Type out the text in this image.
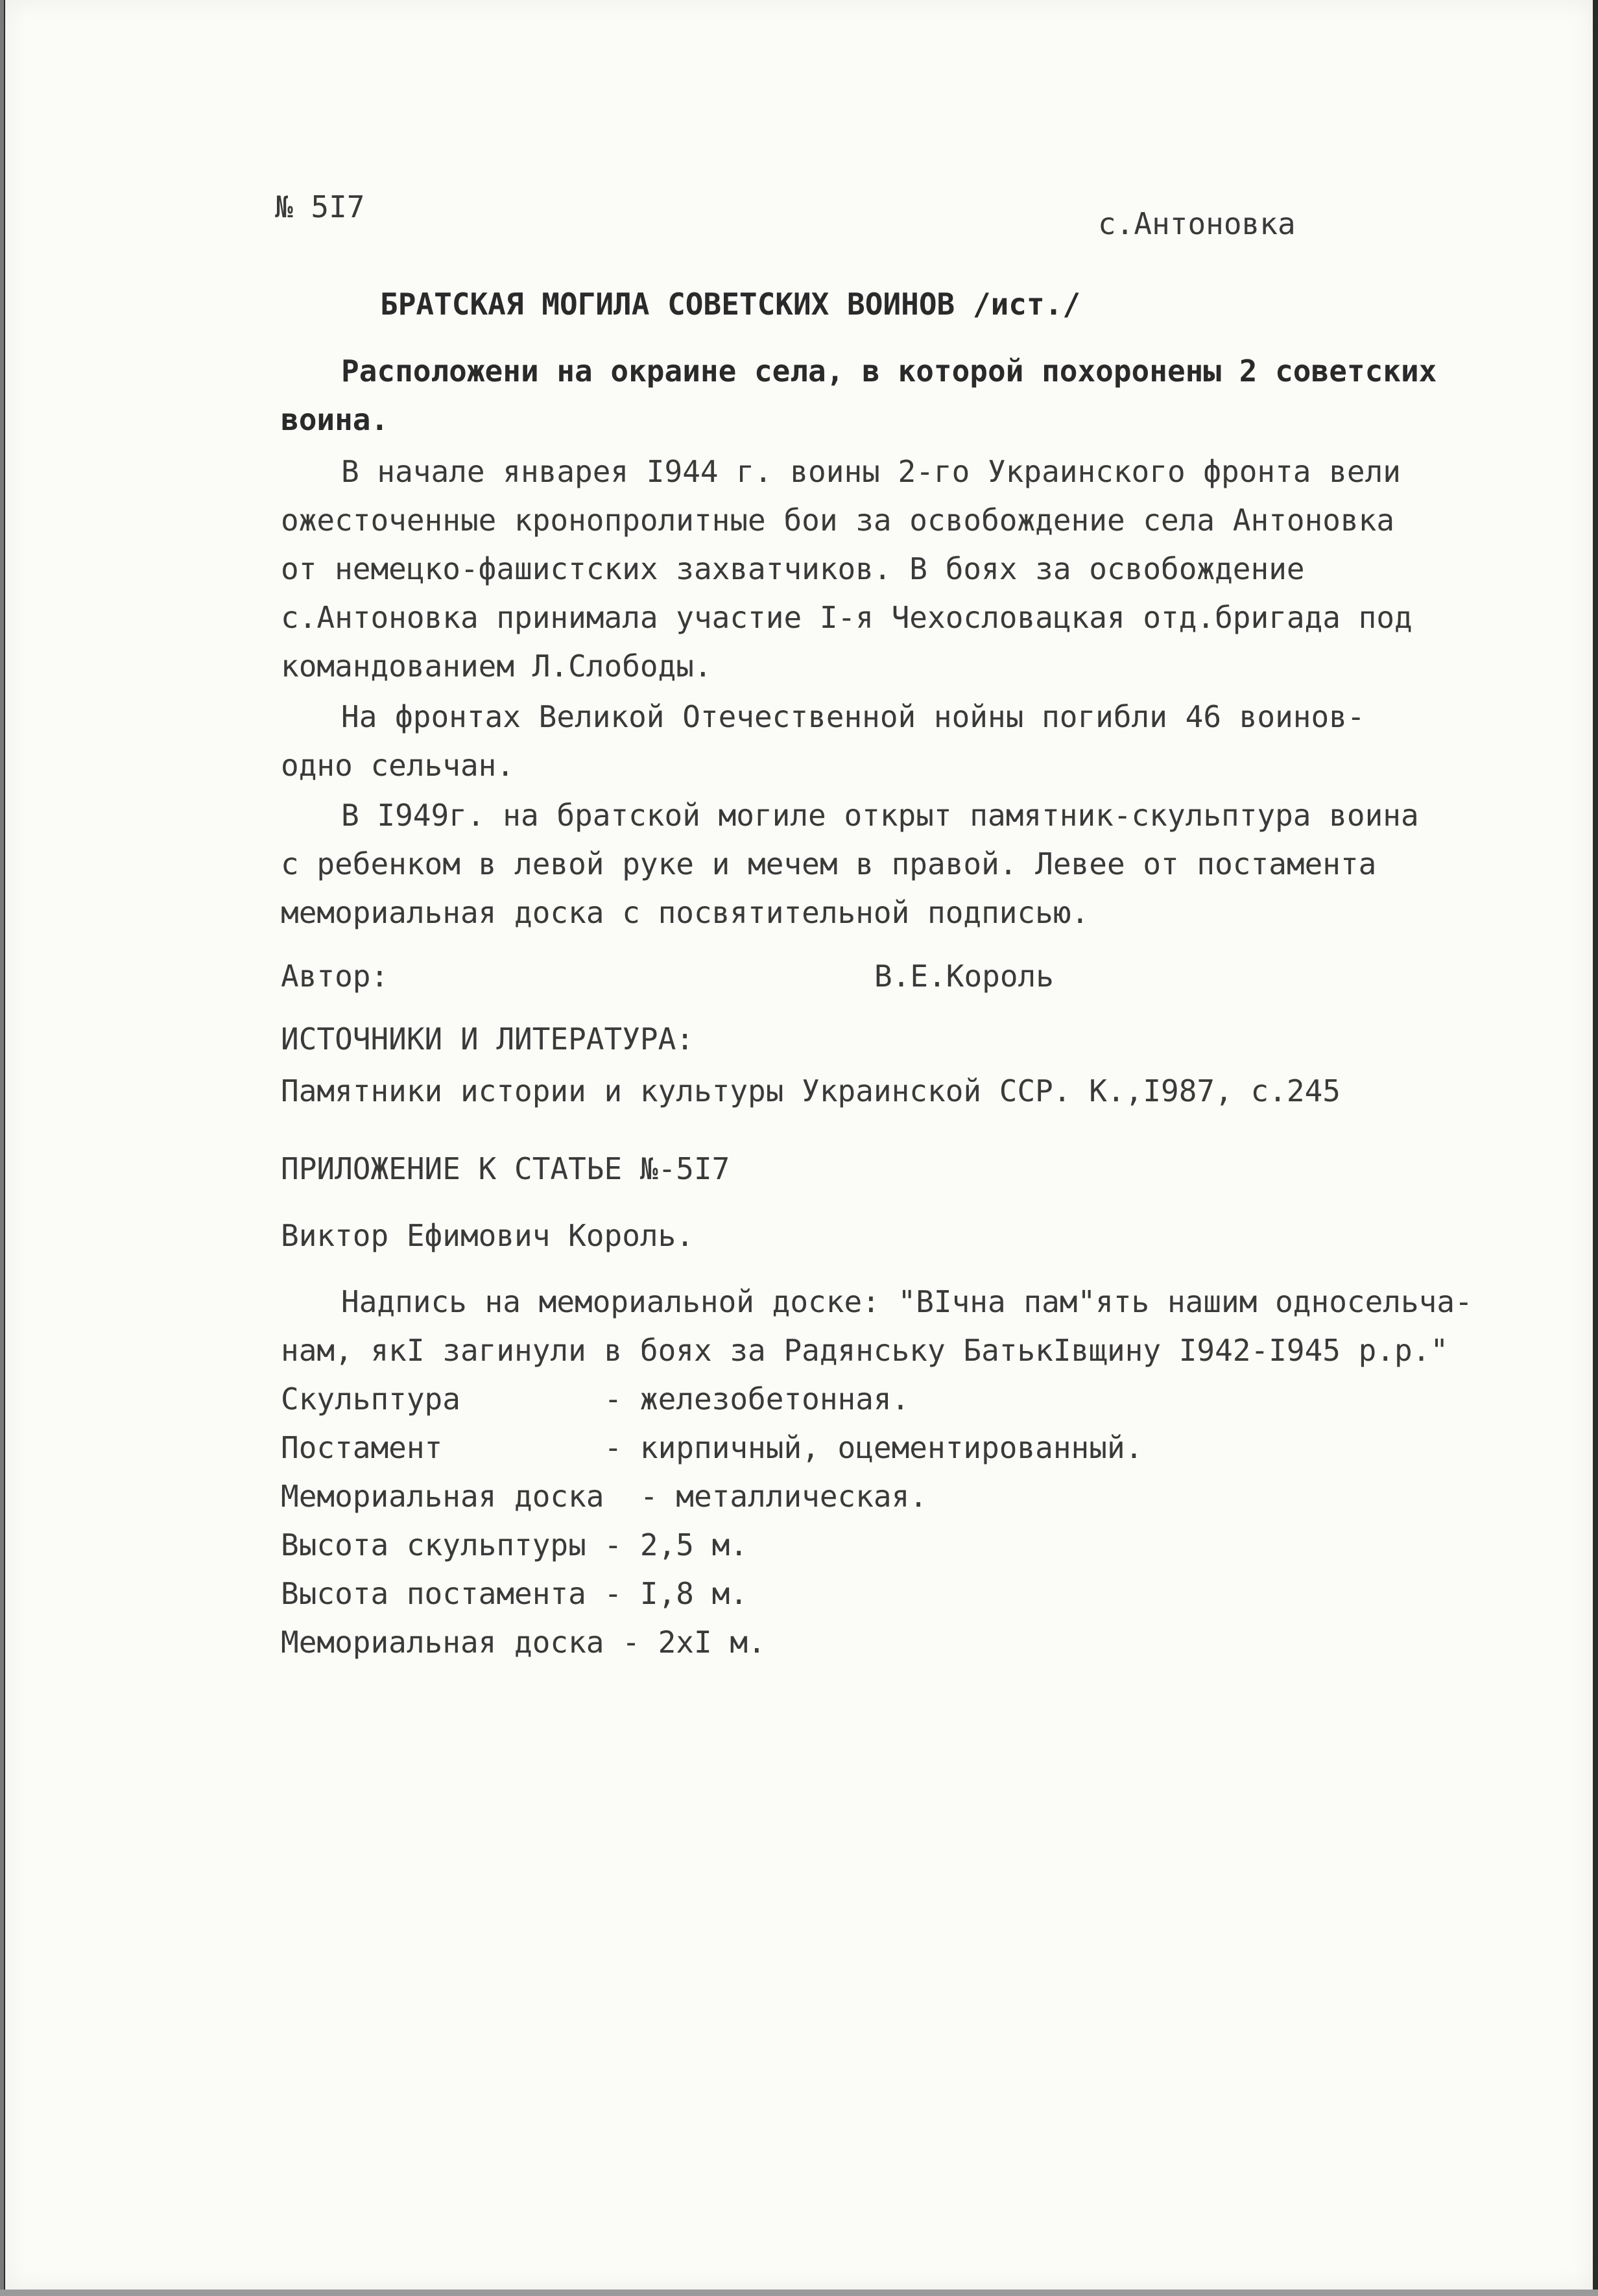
№ 5I7	с.Антоновка

БРАТСКАЯ МОГИЛА СОВЕТСКИХ ВОИНОВ /ист./

Расположени на окраине села, в которой похоронены 2 советских

воина.

В начале январея I944 г. воины 2-го Украинского фронта вели

ожесточенные кронопролитные бои за освобождение села Антоновка

от немецко-фашистских захватчиков. В боях за освобождение

с.Антоновка принимала участие I-я Чехословацкая отд.бригада под

командованием Л.Слободы.

На фронтах Великой Отечественной нойны погибли 46 воинов-

одно сельчан.

В I949г. на братской могиле открыт памятник-скульптура воина

с ребенком в левой руке и мечем в правой. Левее от постамента

мемориальная доска с посвятительной подписью.

Автор:	В.Е.Король

ИСТОЧНИКИ И ЛИТЕРАТУРА:

Памятники истории и культуры Украинской ССР. К.,I987, с.245

ПРИЛОЖЕНИЕ К СТАТЬЕ №-5I7

Виктор Ефимович Король.

Надпись на мемориальной доске: "ВIчна пам"ять нашим односельча-

нам, якI загинули в боях за Радянську БатькIвщину I942-I945 р.р."

Скульптура        - железобетонная.

Постамент         - кирпичный, оцементированный.

Мемориальная доска  - металлическая.

Высота скульптуры - 2,5 м.

Высота постамента - I,8 м.

Мемориальная доска - 2хI м.
